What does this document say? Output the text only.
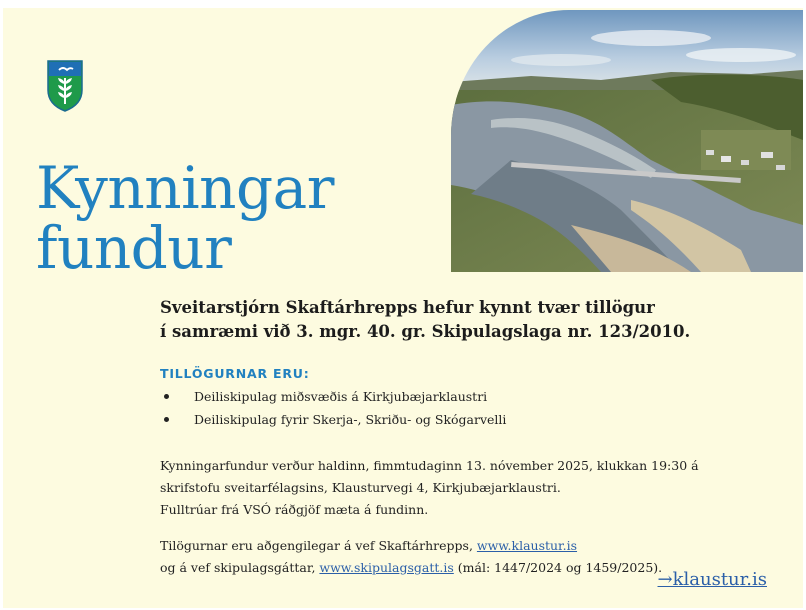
Kynningar
fundur

Sveitarstjórn Skaftárhrepps hefur kynnt tvær tillögur
í samræmi við 3. mgr. 40. gr. Skipulagslaga nr. 123/2010.

TILLÖGURNAR ERU:

Deiliskipulag miðsvæðis á Kirkjubæjarklaustri
Deiliskipulag fyrir Skerja-, Skriðu- og Skógarvelli

Kynningarfundur verður haldinn, fimmtudaginn 13. nóvember 2025, klukkan 19:30 á
skrifstofu sveitarfélagsins, Klausturvegi 4, Kirkjubæjarklaustri.
Fulltrúar frá VSÓ ráðgjöf mæta á fundinn.

Tilögurnar eru aðgengilegar á vef Skaftárhrepps, www.klaustur.is
og á vef skipulagsgáttar, www.skipulagsgatt.is (mál: 1447/2024 og 1459/2025).

→klaustur.is
